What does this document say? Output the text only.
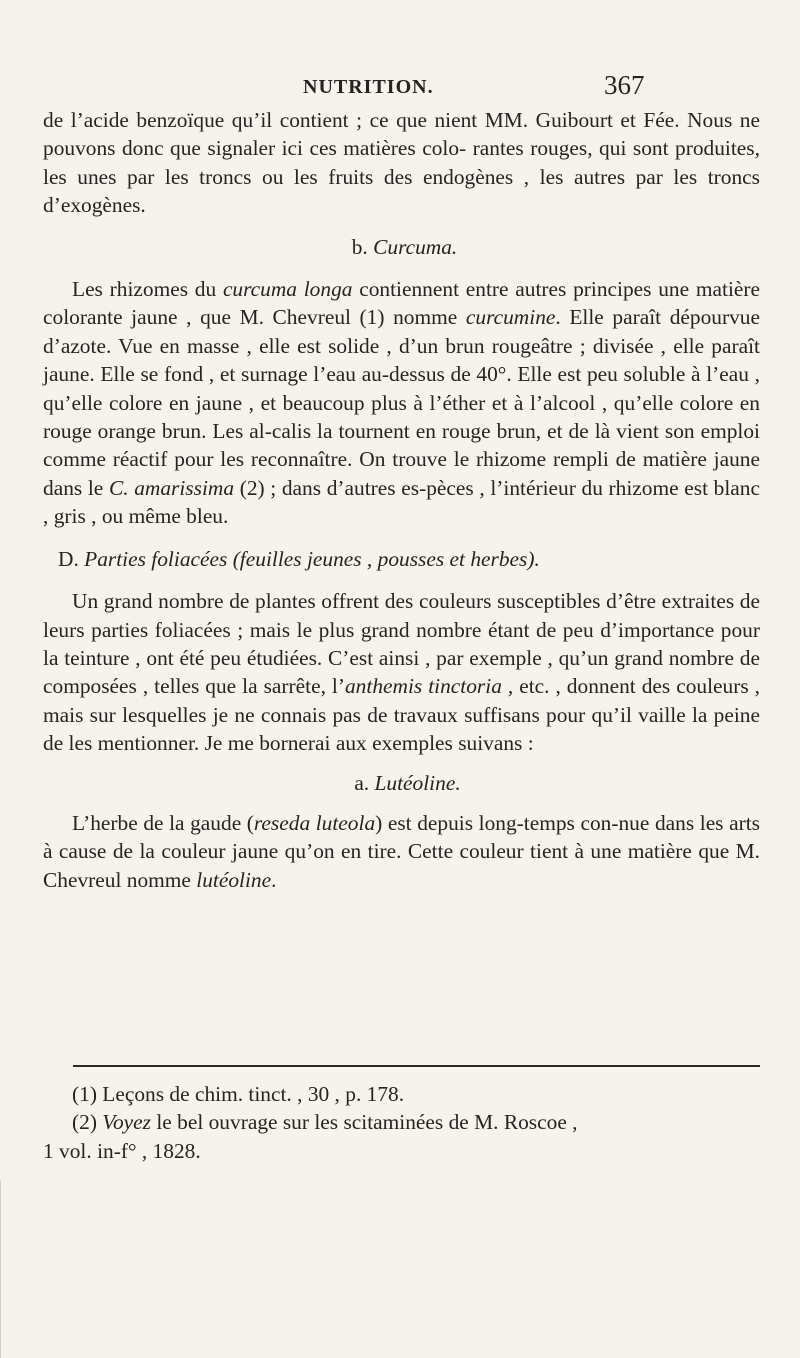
NUTRITION.	367

de l’acide benzoïque qu’il contient ; ce que nient MM. Guibourt et Fée. Nous ne pouvons donc que signaler ici ces matières colo- rantes rouges, qui sont produites, les unes par les troncs ou les fruits des endogènes , les autres par les troncs d’exogènes.

b. Curcuma.

Les rhizomes du curcuma longa contiennent entre autres principes une matière colorante jaune , que M. Chevreul (1) nomme curcumine. Elle paraît dépourvue d’azote. Vue en masse , elle est solide , d’un brun rougeâtre ; divisée , elle paraît jaune. Elle se fond , et surnage l’eau au-dessus de 40°. Elle est peu soluble à l’eau , qu’elle colore en jaune , et beaucoup plus à l’éther et à l’alcool , qu’elle colore en rouge orange brun. Les al-calis la tournent en rouge brun, et de là vient son emploi comme réactif pour les reconnaître. On trouve le rhizome rempli de matière jaune dans le C. amarissima (2) ; dans d’autres es-pèces , l’intérieur du rhizome est blanc , gris , ou même bleu.

D. Parties foliacées (feuilles jeunes , pousses et herbes).

Un grand nombre de plantes offrent des couleurs susceptibles d’être extraites de leurs parties foliacées ; mais le plus grand nombre étant de peu d’importance pour la teinture , ont été peu étudiées. C’est ainsi , par exemple , qu’un grand nombre de composées , telles que la sarrête, l’anthemis tinctoria , etc. , donnent des couleurs , mais sur lesquelles je ne connais pas de travaux suffisans pour qu’il vaille la peine de les mentionner. Je me bornerai aux exemples suivans :

a. Lutéoline.

L’herbe de la gaude (reseda luteola) est depuis long-temps con-nue dans les arts à cause de la couleur jaune qu’on en tire. Cette couleur tient à une matière que M. Chevreul nomme lutéoline.

(1) Leçons de chim. tinct. , 30 , p. 178.

(2) Voyez le bel ouvrage sur les scitaminées de M. Roscoe ,

1 vol. in-f° , 1828.
